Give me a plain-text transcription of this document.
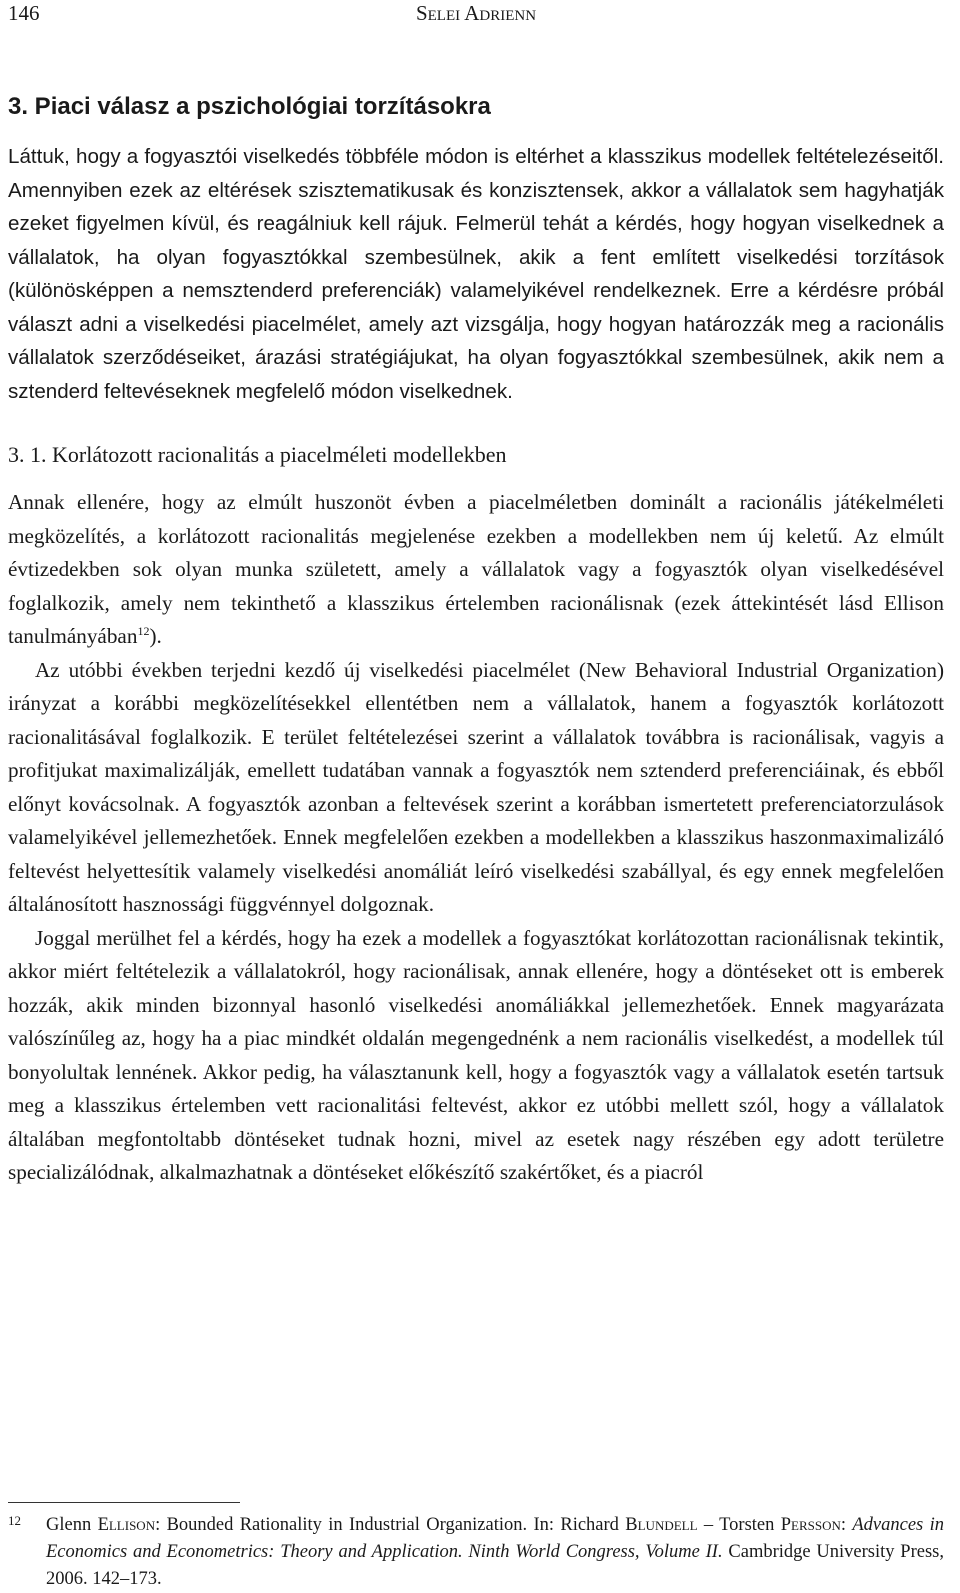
146	Selei Adrienn
3. Piaci válasz a pszichológiai torzításokra

Láttuk, hogy a fogyasztói viselkedés többféle módon is eltérhet a klasszikus modellek feltételezéseitől. Amennyiben ezek az eltérések szisztematikusak és konzisztensek, akkor a vállalatok sem hagyhatják ezeket figyelmen kívül, és reagálniuk kell rájuk. Felmerül tehát a kérdés, hogy hogyan viselkednek a vállalatok, ha olyan fogyasztókkal szembesülnek, akik a fent említett viselkedési torzítások (különösképpen a nemsztenderd preferenciák) valamelyikével rendelkeznek. Erre a kérdésre próbál választ adni a viselkedési piacelmélet, amely azt vizsgálja, hogy hogyan határozzák meg a racionális vállalatok szerződéseiket, árazási stratégiájukat, ha olyan fogyasztókkal szembesülnek, akik nem a sztenderd feltevéseknek megfelelő módon viselkednek.

3. 1. Korlátozott racionalitás a piacelméleti modellekben

Annak ellenére, hogy az elmúlt huszonöt évben a piacelméletben dominált a racionális játékelméleti megközelítés, a korlátozott racionalitás megjelenése ezekben a modellekben nem új keletű. Az elmúlt évtizedekben sok olyan munka született, amely a vállalatok vagy a fogyasztók olyan viselkedésével foglalkozik, amely nem tekinthető a klasszikus értelemben racionálisnak (ezek áttekintését lásd Ellison tanulmányában$^{12}$).

Az utóbbi években terjedni kezdő új viselkedési piacelmélet (New Behavioral Industrial Organization) irányzat a korábbi megközelítésekkel ellentétben nem a vállalatok, hanem a fogyasztók korlátozott racionalitásával foglalkozik. E terület feltételezései szerint a vállalatok továbbra is racionálisak, vagyis a profitjukat maximalizálják, emellett tudatában vannak a fogyasztók nem sztenderd preferenciáinak, és ebből előnyt kovácsolnak. A fogyasztók azonban a feltevések szerint a korábban ismertetett preferenciatorzulások valamelyikével jellemezhetőek. Ennek megfelelően ezekben a modellekben a klasszikus haszonmaximalizáló feltevést helyettesítik valamely viselkedési anomáliát leíró viselkedési szabállyal, és egy ennek megfelelően általánosított hasznossági függvénnyel dolgoznak.

Joggal merülhet fel a kérdés, hogy ha ezek a modellek a fogyasztókat korlátozottan racionálisnak tekintik, akkor miért feltételezik a vállalatokról, hogy racionálisak, annak ellenére, hogy a döntéseket ott is emberek hozzák, akik minden bizonnyal hasonló viselkedési anomáliákkal jellemezhetőek. Ennek magyarázata valószínűleg az, hogy ha a piac mindkét oldalán megengednénk a nem racionális viselkedést, a modellek túl bonyolultak lennének. Akkor pedig, ha választanunk kell, hogy a fogyasztók vagy a vállalatok esetén tartsuk meg a klasszikus értelemben vett racionalitási feltevést, akkor ez utóbbi mellett szól, hogy a vállalatok általában megfontoltabb döntéseket tudnak hozni, mivel az esetek nagy részében egy adott területre specializálódnak, alkalmazhatnak a döntéseket előkészítő szakértőket, és a piacról

12	Glenn Ellison: Bounded Rationality in Industrial Organization. In: Richard Blundell – Torsten Persson: Advances in Economics and Econometrics: Theory and Application. Ninth World Congress, Volume II. Cambridge University Press, 2006. 142–173.
